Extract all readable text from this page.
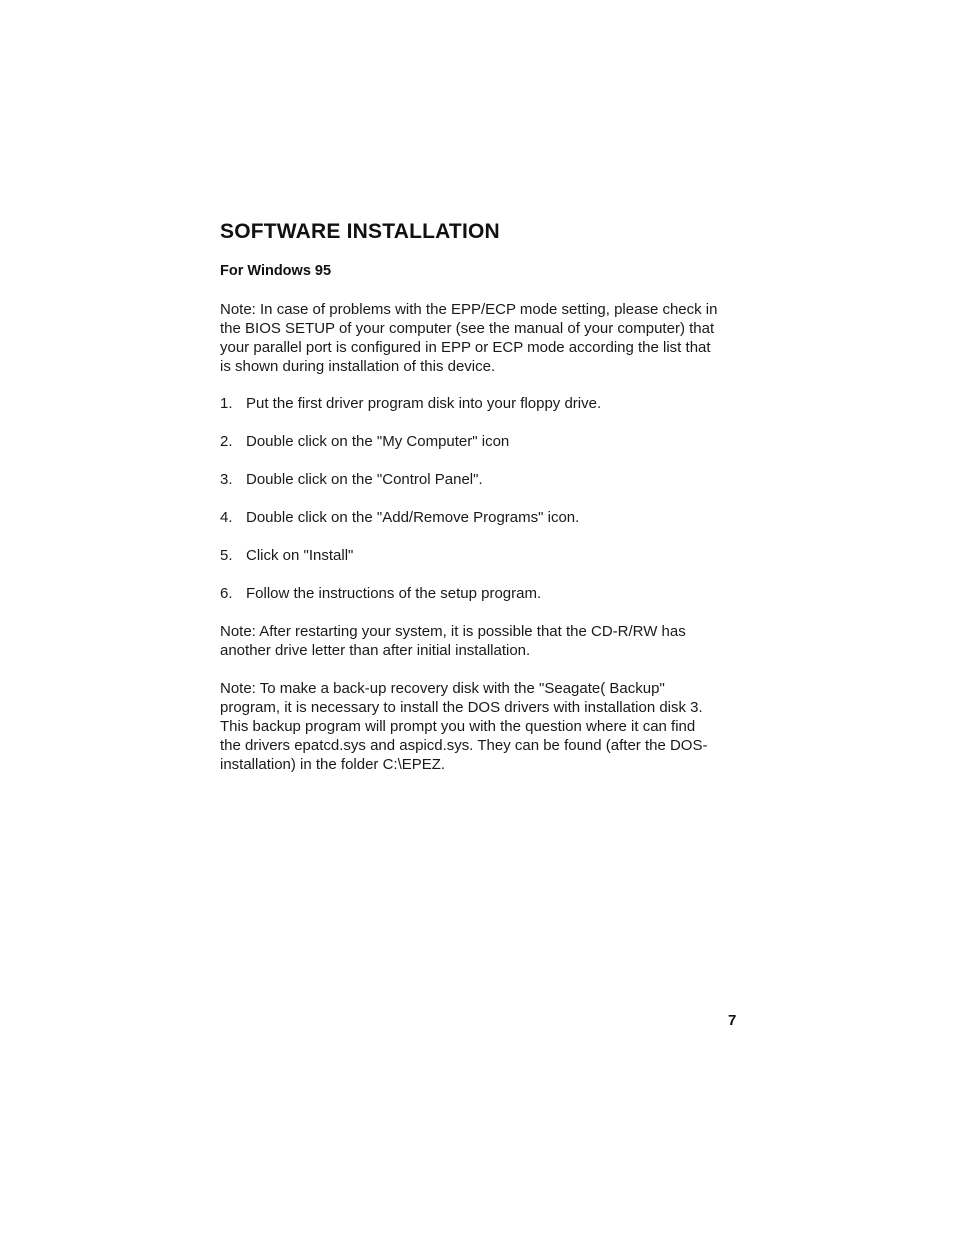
SOFTWARE INSTALLATION
For Windows 95

Note: In case of problems with the EPP/ECP mode setting, please check in the BIOS SETUP of your computer (see the manual of your computer) that your parallel port is configured in EPP or ECP mode according the list that is shown during installation of this device.

1. Put the first driver program disk into your floppy drive.
2. Double click on the "My Computer" icon
3. Double click on the "Control Panel".
4. Double click on the "Add/Remove Programs" icon.
5. Click on "Install"
6. Follow the instructions of the setup program.

Note: After restarting your system, it is possible that the CD-R/RW has another drive letter than after initial installation.

Note: To make a back-up recovery disk with the "Seagate( Backup" program, it is necessary to install the DOS drivers with installation disk 3. This backup program will prompt you with the question where it can find the drivers epatcd.sys and aspicd.sys. They can be found (after the DOS-installation) in the folder C:\EPEZ.

7
